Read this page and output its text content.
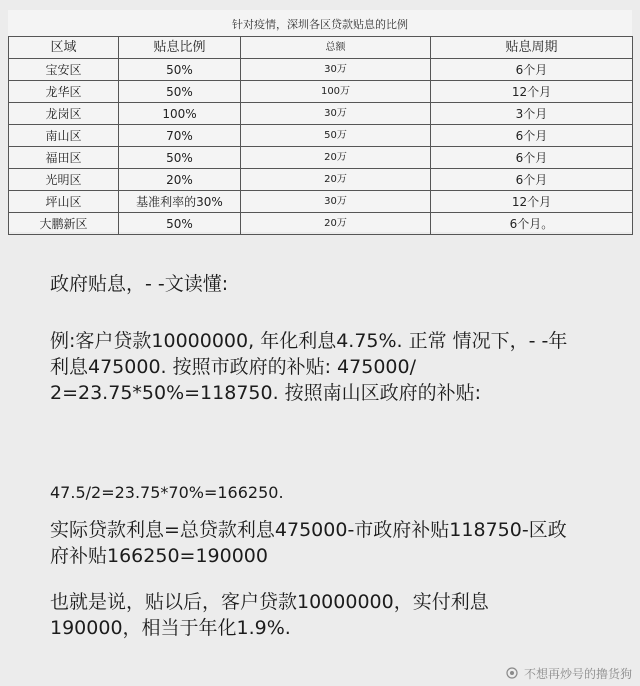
针对疫情，深圳各区贷款贴息的比例
区域	贴息比例	总额	贴息周期
宝安区	50%	30万	6个月
龙华区	50%	100万	12个月
龙岗区	100%	30万	3个月
南山区	70%	50万	6个月
福田区	50%	20万	6个月
光明区	20%	20万	6个月
坪山区	基准利率的30%	30万	12个月
大鹏新区	50%	20万	6个月。

政府贴息，- -文读懂:

例:客户贷款10000000, 年化利息4.75%. 正常 情况下，- -年利息475000. 按照市政府的补贴: 475000/ 2=23.75*50%=118750. 按照南山区政府的补贴:

47.5/2=23.75*70%=166250.

实际贷款利息=总贷款利息475000-市政府补贴118750-区政府补贴166250=190000

也就是说，贴以后，客户贷款10000000，实付利息190000，相当于年化1.9%.

不想再炒号的撸货狗
